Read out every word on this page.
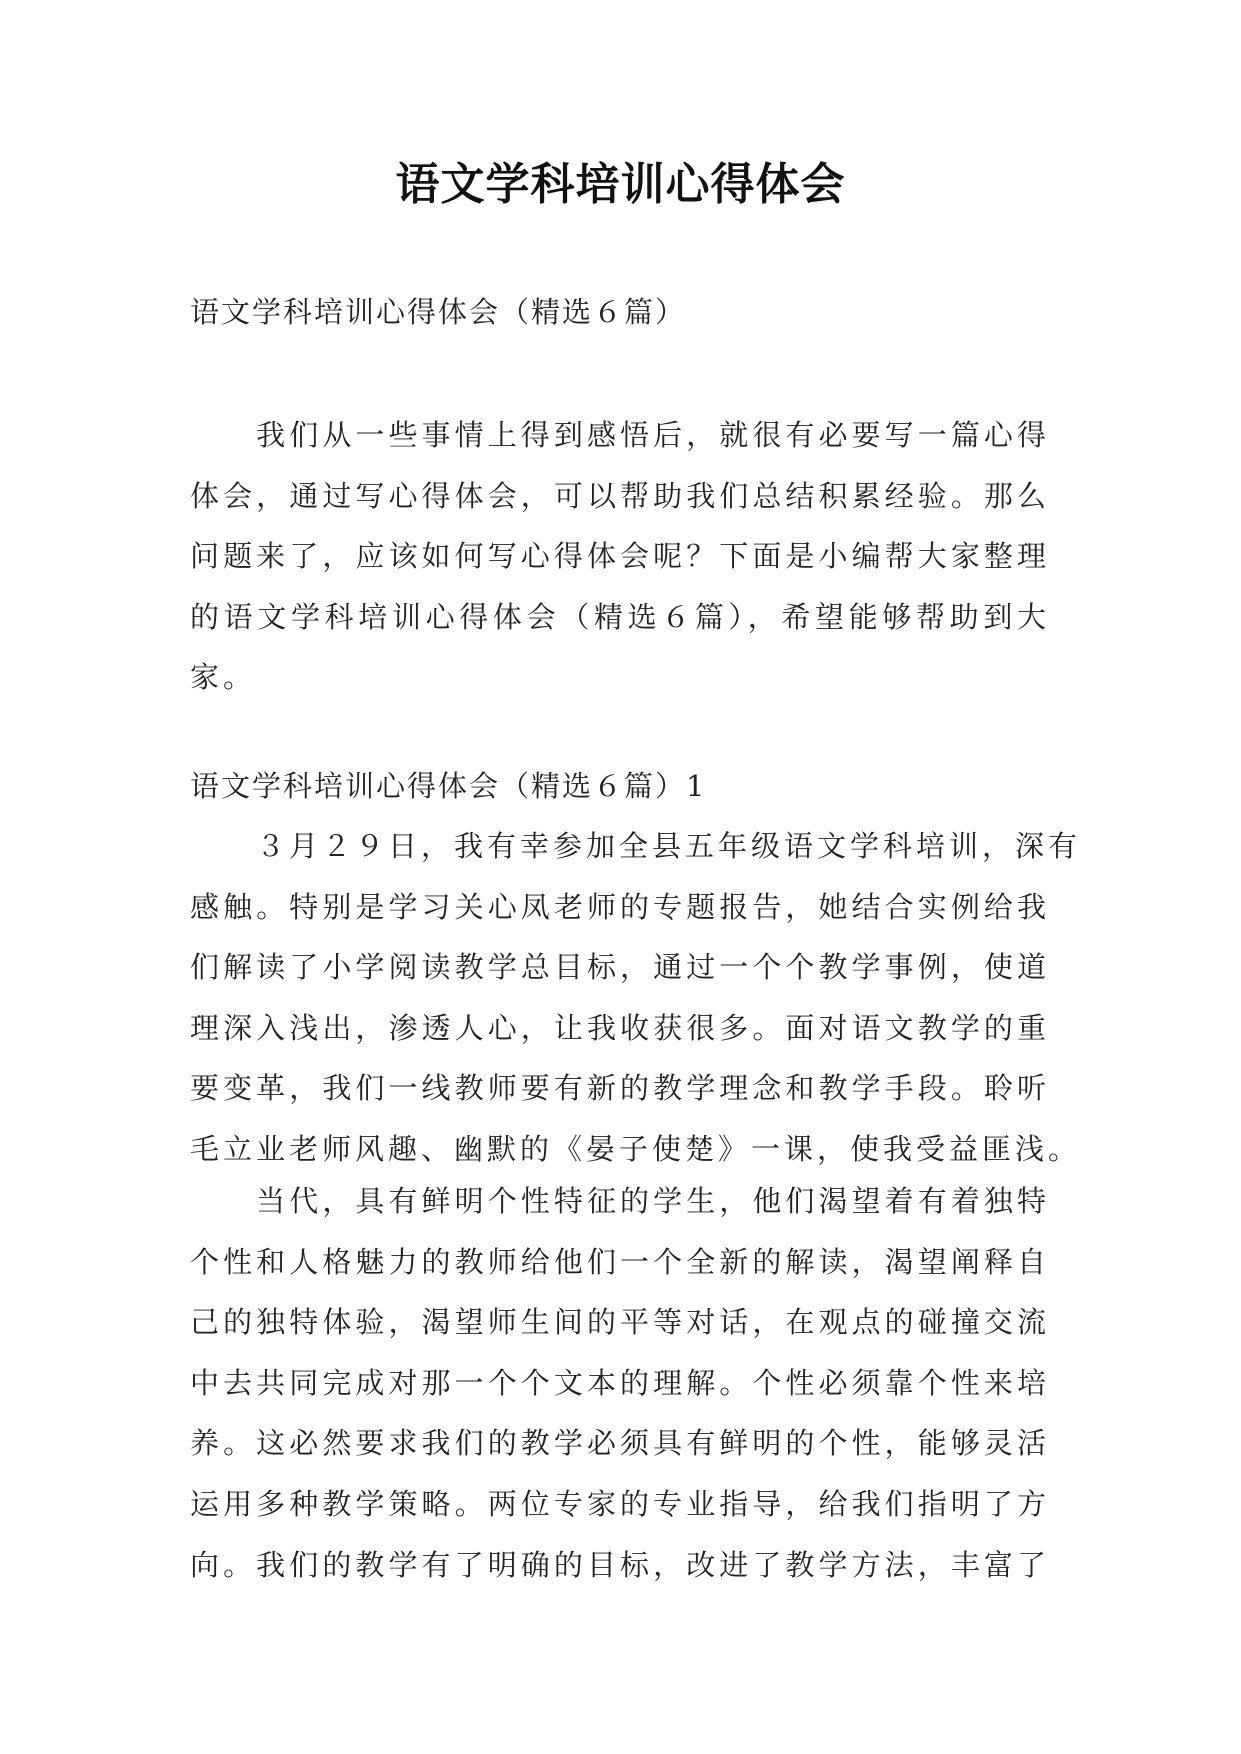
语文学科培训心得体会

语文学科培训心得体会（精选６篇）

　　我们从一些事情上得到感悟后，就很有必要写一篇心得
体会，通过写心得体会，可以帮助我们总结积累经验。那么
问题来了，应该如何写心得体会呢？下面是小编帮大家整理
的语文学科培训心得体会（精选６篇），希望能够帮助到大
家。

语文学科培训心得体会（精选６篇）1

　　３月２９日，我有幸参加全县五年级语文学科培训，深有
感触。特别是学习关心凤老师的专题报告，她结合实例给我
们解读了小学阅读教学总目标，通过一个个教学事例，使道
理深入浅出，渗透人心，让我收获很多。面对语文教学的重
要变革，我们一线教师要有新的教学理念和教学手段。聆听
毛立业老师风趣、幽默的《晏子使楚》一课，使我受益匪浅。
　　当代，具有鲜明个性特征的学生，他们渴望着有着独特
个性和人格魅力的教师给他们一个全新的解读，渴望阐释自
己的独特体验，渴望师生间的平等对话，在观点的碰撞交流
中去共同完成对那一个个文本的理解。个性必须靠个性来培
养。这必然要求我们的教学必须具有鲜明的个性，能够灵活
运用多种教学策略。两位专家的专业指导，给我们指明了方
向。我们的教学有了明确的目标，改进了教学方法，丰富了
